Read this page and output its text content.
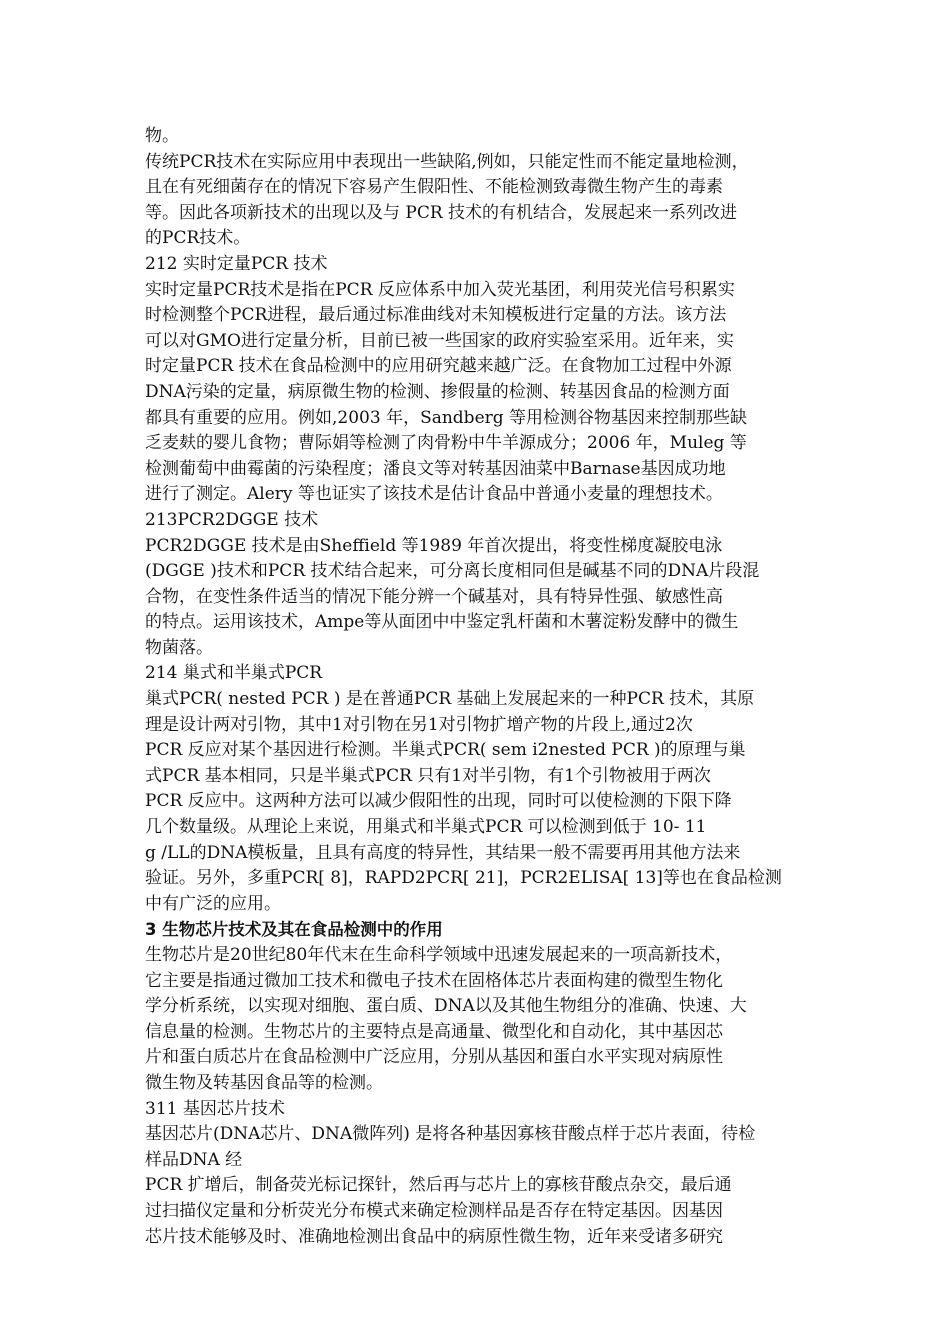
物。
传统PCR技术在实际应用中表现出一些缺陷,例如，只能定性而不能定量地检测，
且在有死细菌存在的情况下容易产生假阳性、不能检测致毒微生物产生的毒素
等。因此各项新技术的出现以及与 PCR 技术的有机结合，发展起来一系列改进
的PCR技术。
212 实时定量PCR 技术
实时定量PCR技术是指在PCR 反应体系中加入荧光基团，利用荧光信号积累实
时检测整个PCR进程，最后通过标准曲线对未知模板进行定量的方法。该方法
可以对GMO进行定量分析，目前已被一些国家的政府实验室采用。近年来，实
时定量PCR 技术在食品检测中的应用研究越来越广泛。在食物加工过程中外源
DNA污染的定量，病原微生物的检测、掺假量的检测、转基因食品的检测方面
都具有重要的应用。例如,2003 年，Sandberg 等用检测谷物基因来控制那些缺
乏麦麸的婴儿食物；曹际娟等检测了肉骨粉中牛羊源成分；2006 年，Muleg 等
检测葡萄中曲霉菌的污染程度；潘良文等对转基因油菜中Barnase基因成功地
进行了测定。Alery 等也证实了该技术是估计食品中普通小麦量的理想技术。
213PCR2DGGE 技术
PCR2DGGE 技术是由Sheffield 等1989 年首次提出，将变性梯度凝胶电泳
(DGGE )技术和PCR 技术结合起来，可分离长度相同但是碱基不同的DNA片段混
合物，在变性条件适当的情况下能分辨一个碱基对，具有特异性强、敏感性高
的特点。运用该技术，Ampe等从面团中中鉴定乳杆菌和木薯淀粉发酵中的微生
物菌落。
214 巢式和半巢式PCR
巢式PCR( nested PCR ) 是在普通PCR 基础上发展起来的一种PCR 技术，其原
理是设计两对引物，其中1对引物在另1对引物扩增产物的片段上,通过2次
PCR 反应对某个基因进行检测。半巢式PCR( sem i2nested PCR )的原理与巢
式PCR 基本相同，只是半巢式PCR 只有1对半引物，有1个引物被用于两次
PCR 反应中。这两种方法可以减少假阳性的出现，同时可以使检测的下限下降
几个数量级。从理论上来说，用巢式和半巢式PCR 可以检测到低于 10- 11
g /LL的DNA模板量，且具有高度的特异性，其结果一般不需要再用其他方法来
验证。另外，多重PCR[ 8]，RAPD2PCR[ 21]，PCR2ELISA[ 13]等也在食品检测
中有广泛的应用。
3 生物芯片技术及其在食品检测中的作用
生物芯片是20世纪80年代末在生命科学领域中迅速发展起来的一项高新技术，
它主要是指通过微加工技术和微电子技术在固格体芯片表面构建的微型生物化
学分析系统，以实现对细胞、蛋白质、DNA以及其他生物组分的准确、快速、大
信息量的检测。生物芯片的主要特点是高通量、微型化和自动化，其中基因芯
片和蛋白质芯片在食品检测中广泛应用，分别从基因和蛋白水平实现对病原性
微生物及转基因食品等的检测。
311 基因芯片技术
基因芯片(DNA芯片、DNA微阵列) 是将各种基因寡核苷酸点样于芯片表面，待检
样品DNA 经
PCR 扩增后，制备荧光标记探针，然后再与芯片上的寡核苷酸点杂交，最后通
过扫描仪定量和分析荧光分布模式来确定检测样品是否存在特定基因。因基因
芯片技术能够及时、准确地检测出食品中的病原性微生物，近年来受诸多研究
